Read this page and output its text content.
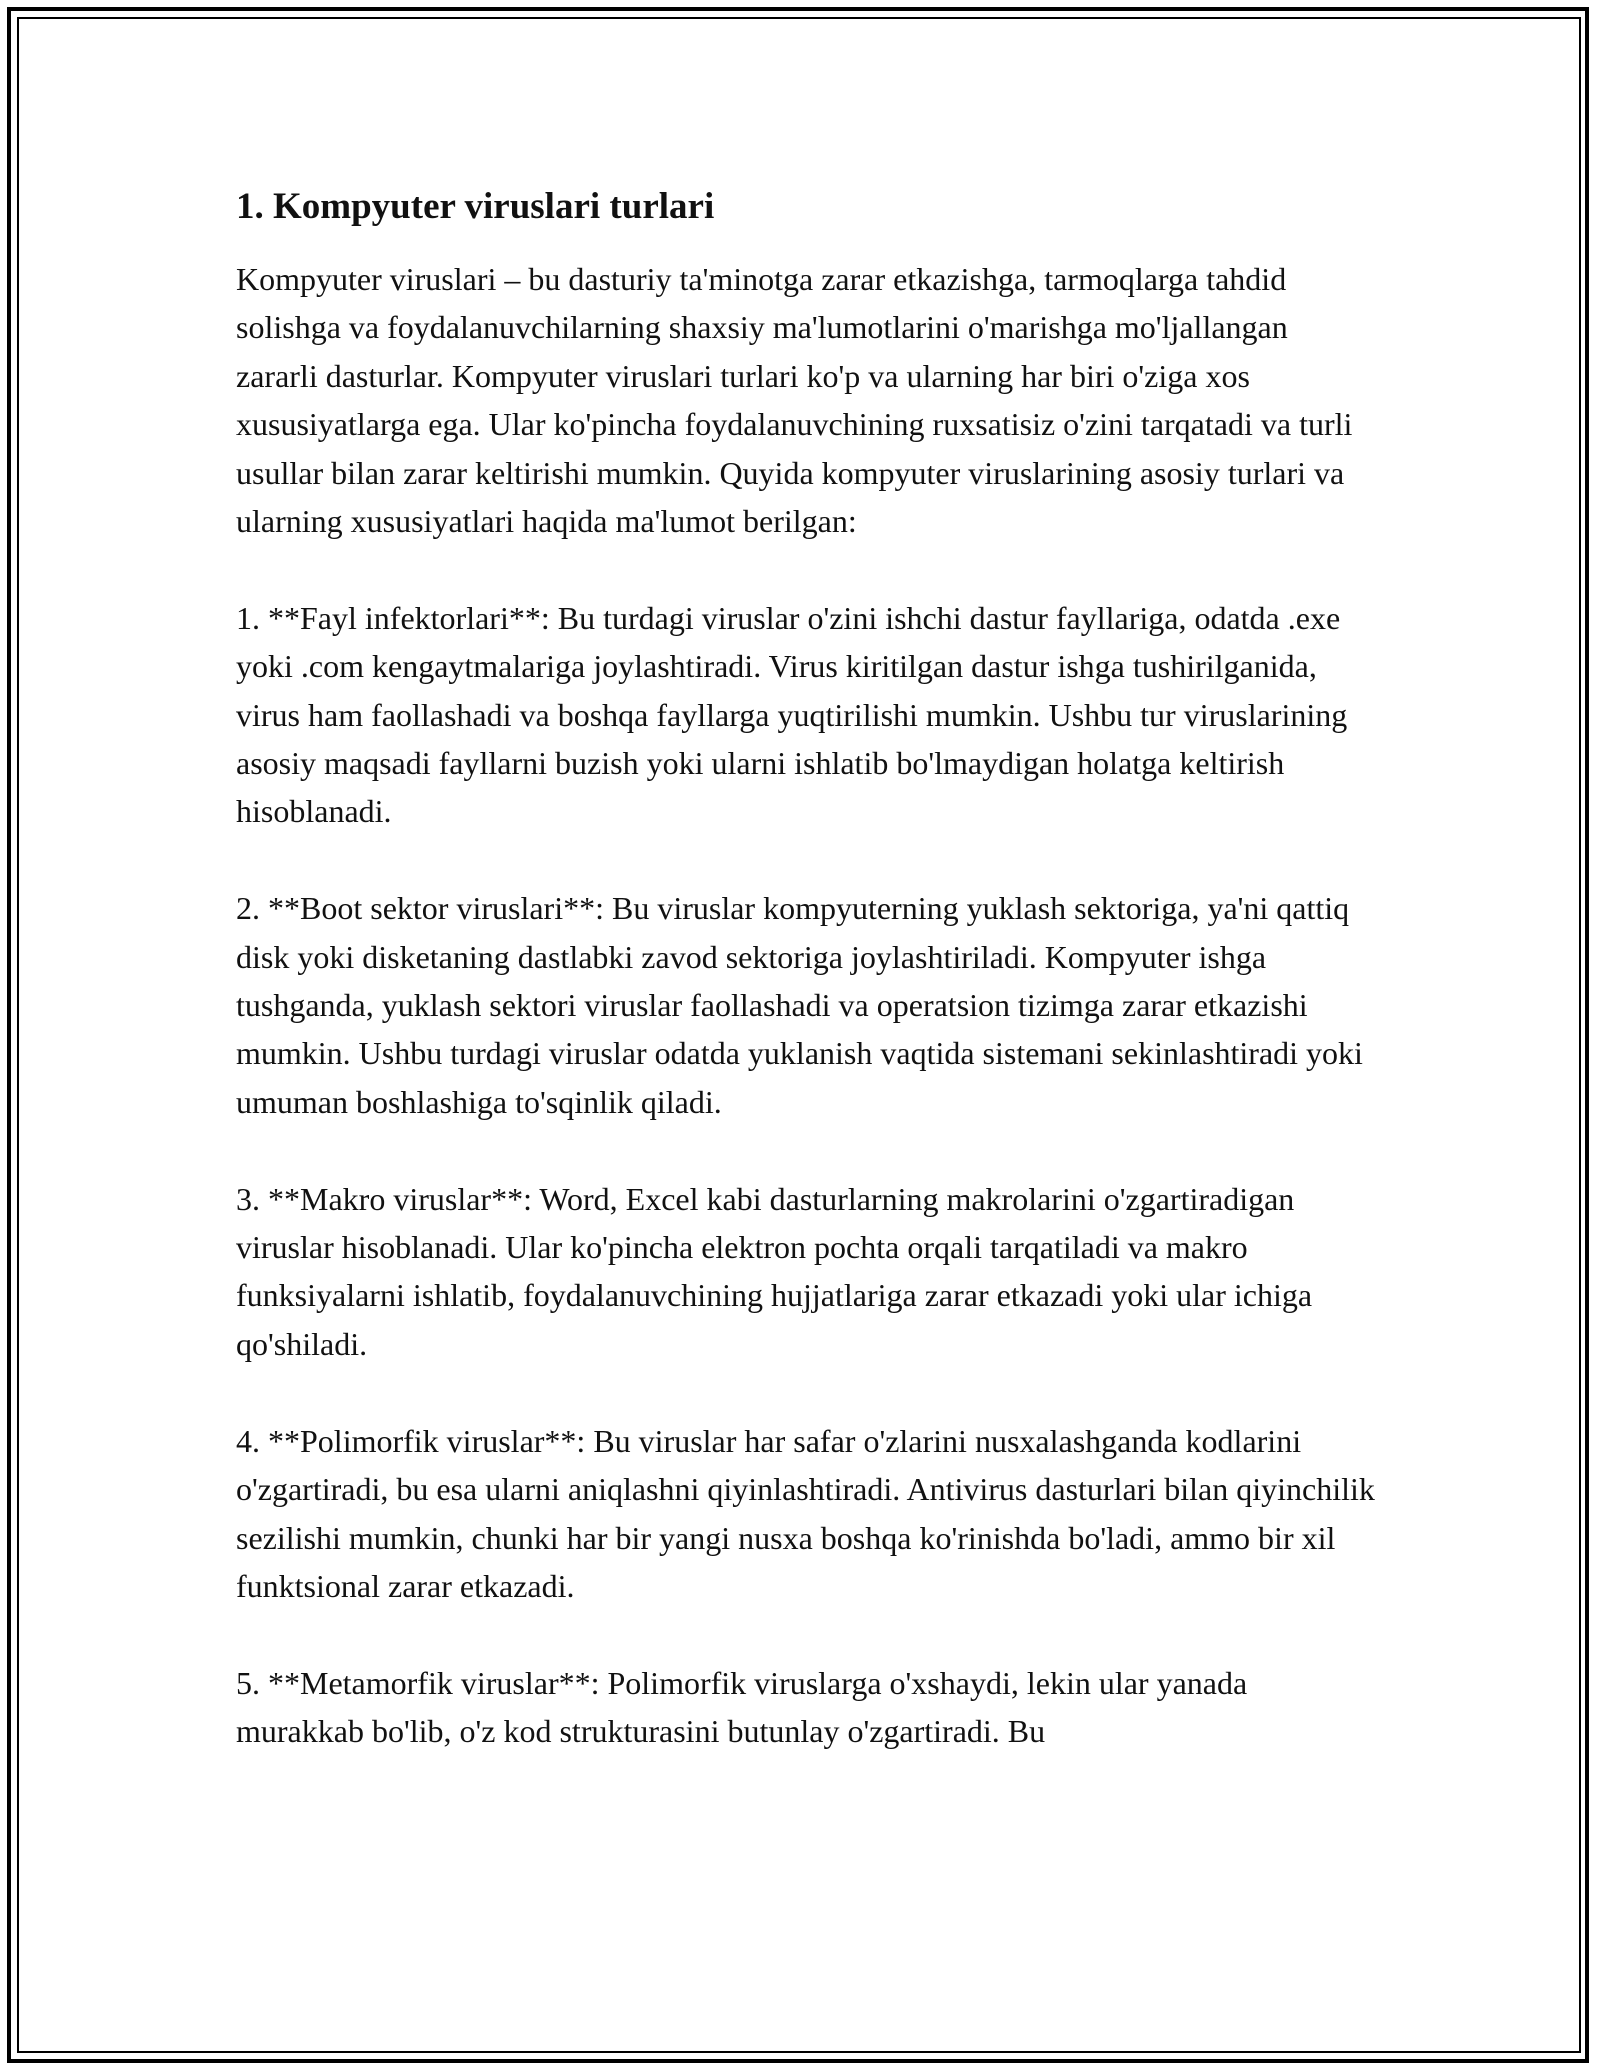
1. Kompyuter viruslari turlari

Kompyuter viruslari – bu dasturiy ta'minotga zarar etkazishga, tarmoqlarga tahdid solishga va foydalanuvchilarning shaxsiy ma'lumotlarini o'marishga mo'ljallangan zararli dasturlar. Kompyuter viruslari turlari ko'p va ularning har biri o'ziga xos xususiyatlarga ega. Ular ko'pincha foydalanuvchining ruxsatisiz o'zini tarqatadi va turli usullar bilan zarar keltirishi mumkin. Quyida kompyuter viruslarining asosiy turlari va ularning xususiyatlari haqida ma'lumot berilgan:

1. **Fayl infektorlari**: Bu turdagi viruslar o'zini ishchi dastur fayllariga, odatda .exe yoki .com kengaytmalariga joylashtiradi. Virus kiritilgan dastur ishga tushirilganida, virus ham faollashadi va boshqa fayllarga yuqtirilishi mumkin. Ushbu tur viruslarining asosiy maqsadi fayllarni buzish yoki ularni ishlatib bo'lmaydigan holatga keltirish hisoblanadi.

2. **Boot sektor viruslari**: Bu viruslar kompyuterning yuklash sektoriga, ya'ni qattiq disk yoki disketaning dastlabki zavod sektoriga joylashtiriladi. Kompyuter ishga tushganda, yuklash sektori viruslar faollashadi va operatsion tizimga zarar etkazishi mumkin. Ushbu turdagi viruslar odatda yuklanish vaqtida sistemani sekinlashtiradi yoki umuman boshlashiga to'sqinlik qiladi.

3. **Makro viruslar**: Word, Excel kabi dasturlarning makrolarini o'zgartiradigan viruslar hisoblanadi. Ular ko'pincha elektron pochta orqali tarqatiladi va makro funksiyalarni ishlatib, foydalanuvchining hujjatlariga zarar etkazadi yoki ular ichiga qo'shiladi.

4. **Polimorfik viruslar**: Bu viruslar har safar o'zlarini nusxalashganda kodlarini o'zgartiradi, bu esa ularni aniqlashni qiyinlashtiradi. Antivirus dasturlari bilan qiyinchilik sezilishi mumkin, chunki har bir yangi nusxa boshqa ko'rinishda bo'ladi, ammo bir xil funktsional zarar etkazadi.

5. **Metamorfik viruslar**: Polimorfik viruslarga o'xshaydi, lekin ular yanada murakkab bo'lib, o'z kod strukturasini butunlay o'zgartiradi. Bu
